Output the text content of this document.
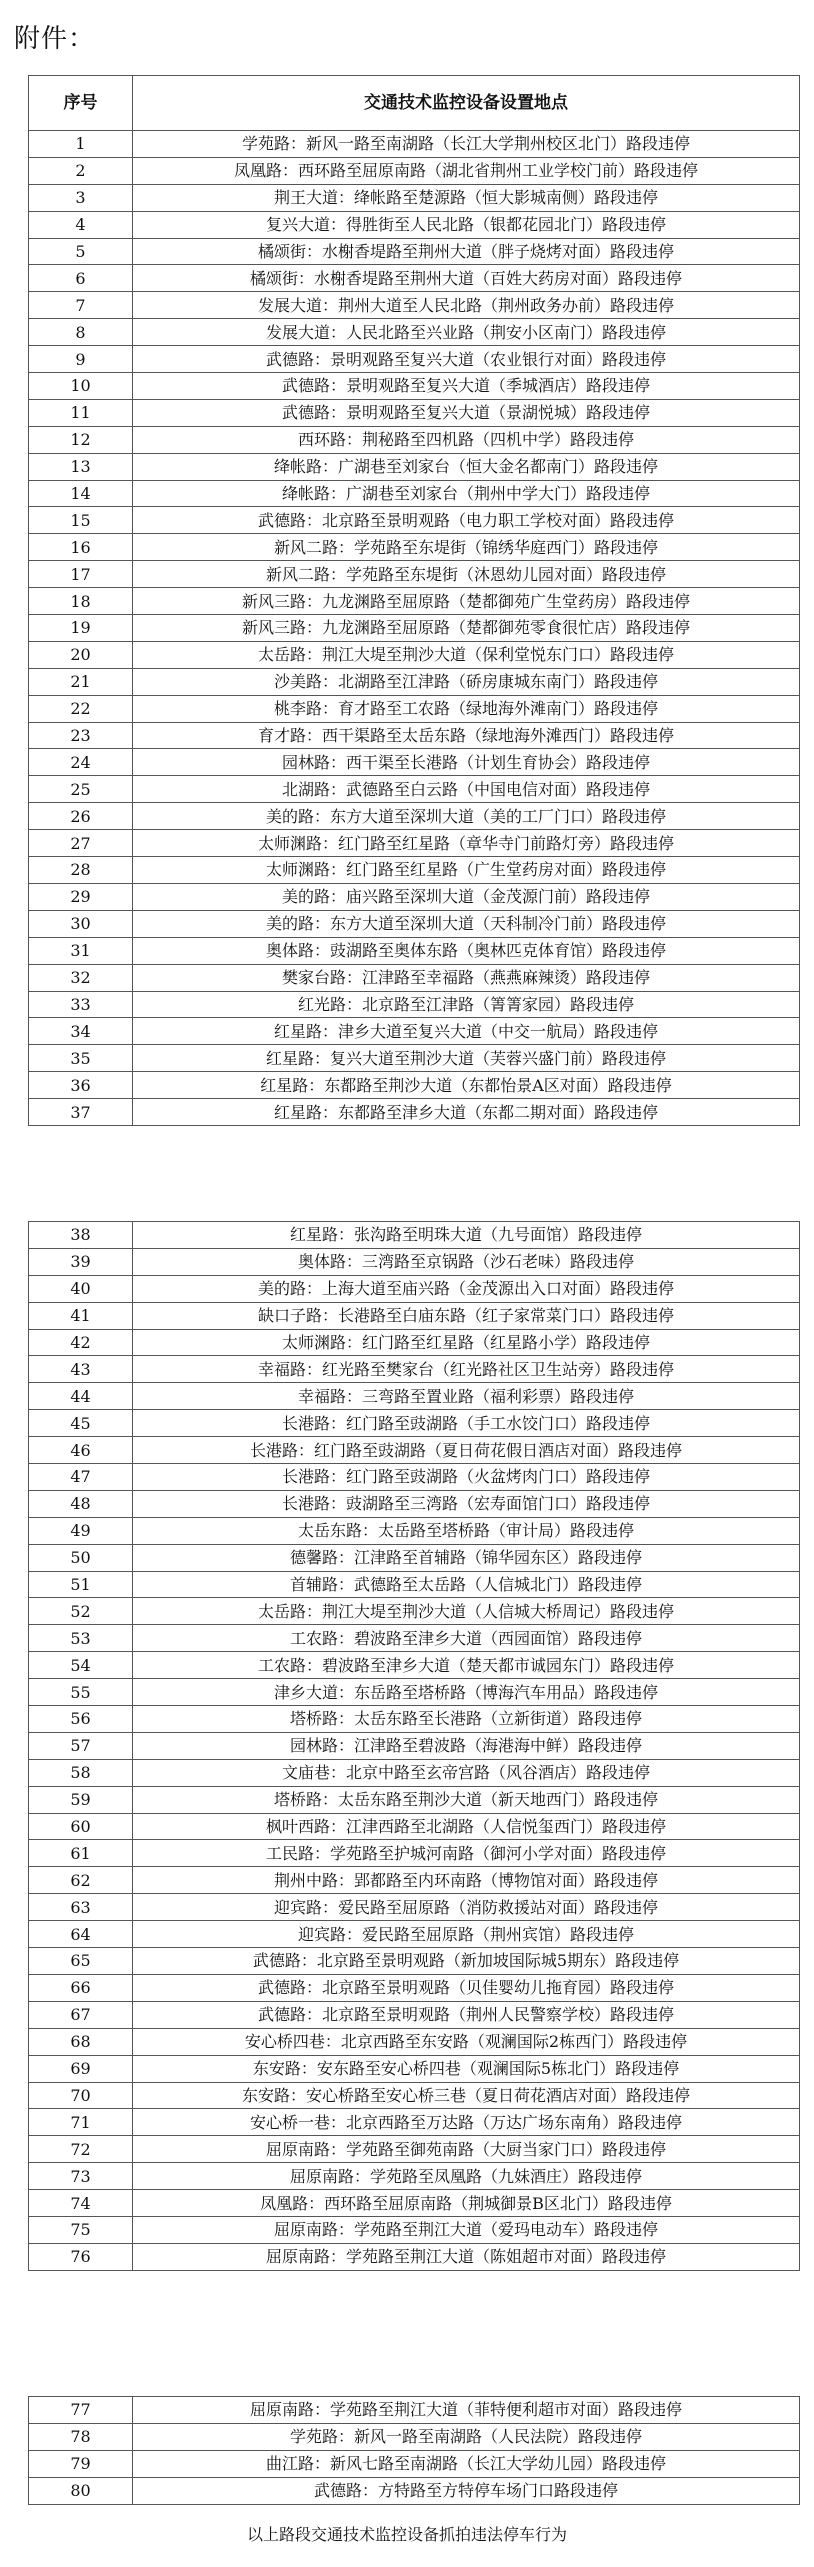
附件：
序号	交通技术监控设备设置地点
1	学苑路：新风一路至南湖路（长江大学荆州校区北门）路段违停
2	凤凰路：西环路至屈原南路（湖北省荆州工业学校门前）路段违停
3	荆王大道：绛帐路至楚源路（恒大影城南侧）路段违停
4	复兴大道：得胜街至人民北路（银都花园北门）路段违停
5	橘颂街：水榭香堤路至荆州大道（胖子烧烤对面）路段违停
6	橘颂街：水榭香堤路至荆州大道（百姓大药房对面）路段违停
7	发展大道：荆州大道至人民北路（荆州政务办前）路段违停
8	发展大道：人民北路至兴业路（荆安小区南门）路段违停
9	武德路：景明观路至复兴大道（农业银行对面）路段违停
10	武德路：景明观路至复兴大道（季城酒店）路段违停
11	武德路：景明观路至复兴大道（景湖悦城）路段违停
12	西环路：荆秘路至四机路（四机中学）路段违停
13	绛帐路：广湖巷至刘家台（恒大金名都南门）路段违停
14	绛帐路：广湖巷至刘家台（荆州中学大门）路段违停
15	武德路：北京路至景明观路（电力职工学校对面）路段违停
16	新风二路：学苑路至东堤街（锦绣华庭西门）路段违停
17	新风二路：学苑路至东堤街（沐恩幼儿园对面）路段违停
18	新风三路：九龙渊路至屈原路（楚都御苑广生堂药房）路段违停
19	新风三路：九龙渊路至屈原路（楚都御苑零食很忙店）路段违停
20	太岳路：荆江大堤至荆沙大道（保利堂悦东门口）路段违停
21	沙美路：北湖路至江津路（硚房康城东南门）路段违停
22	桃李路：育才路至工农路（绿地海外滩南门）路段违停
23	育才路：西干渠路至太岳东路（绿地海外滩西门）路段违停
24	园林路：西干渠至长港路（计划生育协会）路段违停
25	北湖路：武德路至白云路（中国电信对面）路段违停
26	美的路：东方大道至深圳大道（美的工厂门口）路段违停
27	太师渊路：红门路至红星路（章华寺门前路灯旁）路段违停
28	太师渊路：红门路至红星路（广生堂药房对面）路段违停
29	美的路：庙兴路至深圳大道（金茂源门前）路段违停
30	美的路：东方大道至深圳大道（天科制冷门前）路段违停
31	奥体路：豉湖路至奥体东路（奥林匹克体育馆）路段违停
32	樊家台路：江津路至幸福路（燕燕麻辣烫）路段违停
33	红光路：北京路至江津路（箐箐家园）路段违停
34	红星路：津乡大道至复兴大道（中交一航局）路段违停
35	红星路：复兴大道至荆沙大道（芙蓉兴盛门前）路段违停
36	红星路：东都路至荆沙大道（东都怡景A区对面）路段违停
37	红星路：东都路至津乡大道（东都二期对面）路段违停
38	红星路：张沟路至明珠大道（九号面馆）路段违停
39	奥体路：三湾路至京锅路（沙石老味）路段违停
40	美的路：上海大道至庙兴路（金茂源出入口对面）路段违停
41	缺口子路：长港路至白庙东路（红子家常菜门口）路段违停
42	太师渊路：红门路至红星路（红星路小学）路段违停
43	幸福路：红光路至樊家台（红光路社区卫生站旁）路段违停
44	幸福路：三弯路至置业路（福利彩票）路段违停
45	长港路：红门路至豉湖路（手工水饺门口）路段违停
46	长港路：红门路至豉湖路（夏日荷花假日酒店对面）路段违停
47	长港路：红门路至豉湖路（火盆烤肉门口）路段违停
48	长港路：豉湖路至三湾路（宏寿面馆门口）路段违停
49	太岳东路：太岳路至塔桥路（审计局）路段违停
50	德馨路：江津路至首辅路（锦华园东区）路段违停
51	首辅路：武德路至太岳路（人信城北门）路段违停
52	太岳路：荆江大堤至荆沙大道（人信城大桥周记）路段违停
53	工农路：碧波路至津乡大道（西园面馆）路段违停
54	工农路：碧波路至津乡大道（楚天都市诚园东门）路段违停
55	津乡大道：东岳路至塔桥路（博海汽车用品）路段违停
56	塔桥路：太岳东路至长港路（立新街道）路段违停
57	园林路：江津路至碧波路（海港海中鲜）路段违停
58	文庙巷：北京中路至玄帝宫路（风谷酒店）路段违停
59	塔桥路：太岳东路至荆沙大道（新天地西门）路段违停
60	枫叶西路：江津西路至北湖路（人信悦玺西门）路段违停
61	工民路：学苑路至护城河南路（御河小学对面）路段违停
62	荆州中路：郢都路至内环南路（博物馆对面）路段违停
63	迎宾路：爱民路至屈原路（消防救援站对面）路段违停
64	迎宾路：爱民路至屈原路（荆州宾馆）路段违停
65	武德路：北京路至景明观路（新加坡国际城5期东）路段违停
66	武德路：北京路至景明观路（贝佳婴幼儿拖育园）路段违停
67	武德路：北京路至景明观路（荆州人民警察学校）路段违停
68	安心桥四巷：北京西路至东安路（观澜国际2栋西门）路段违停
69	东安路：安东路至安心桥四巷（观澜国际5栋北门）路段违停
70	东安路：安心桥路至安心桥三巷（夏日荷花酒店对面）路段违停
71	安心桥一巷：北京西路至万达路（万达广场东南角）路段违停
72	屈原南路：学苑路至御苑南路（大厨当家门口）路段违停
73	屈原南路：学苑路至凤凰路（九妹酒庄）路段违停
74	凤凰路：西环路至屈原南路（荆城御景B区北门）路段违停
75	屈原南路：学苑路至荆江大道（爱玛电动车）路段违停
76	屈原南路：学苑路至荆江大道（陈姐超市对面）路段违停
77	屈原南路：学苑路至荆江大道（菲特便利超市对面）路段违停
78	学苑路：新风一路至南湖路（人民法院）路段违停
79	曲江路：新风七路至南湖路（长江大学幼儿园）路段违停
80	武德路：方特路至方特停车场门口路段违停
以上路段交通技术监控设备抓拍违法停车行为
